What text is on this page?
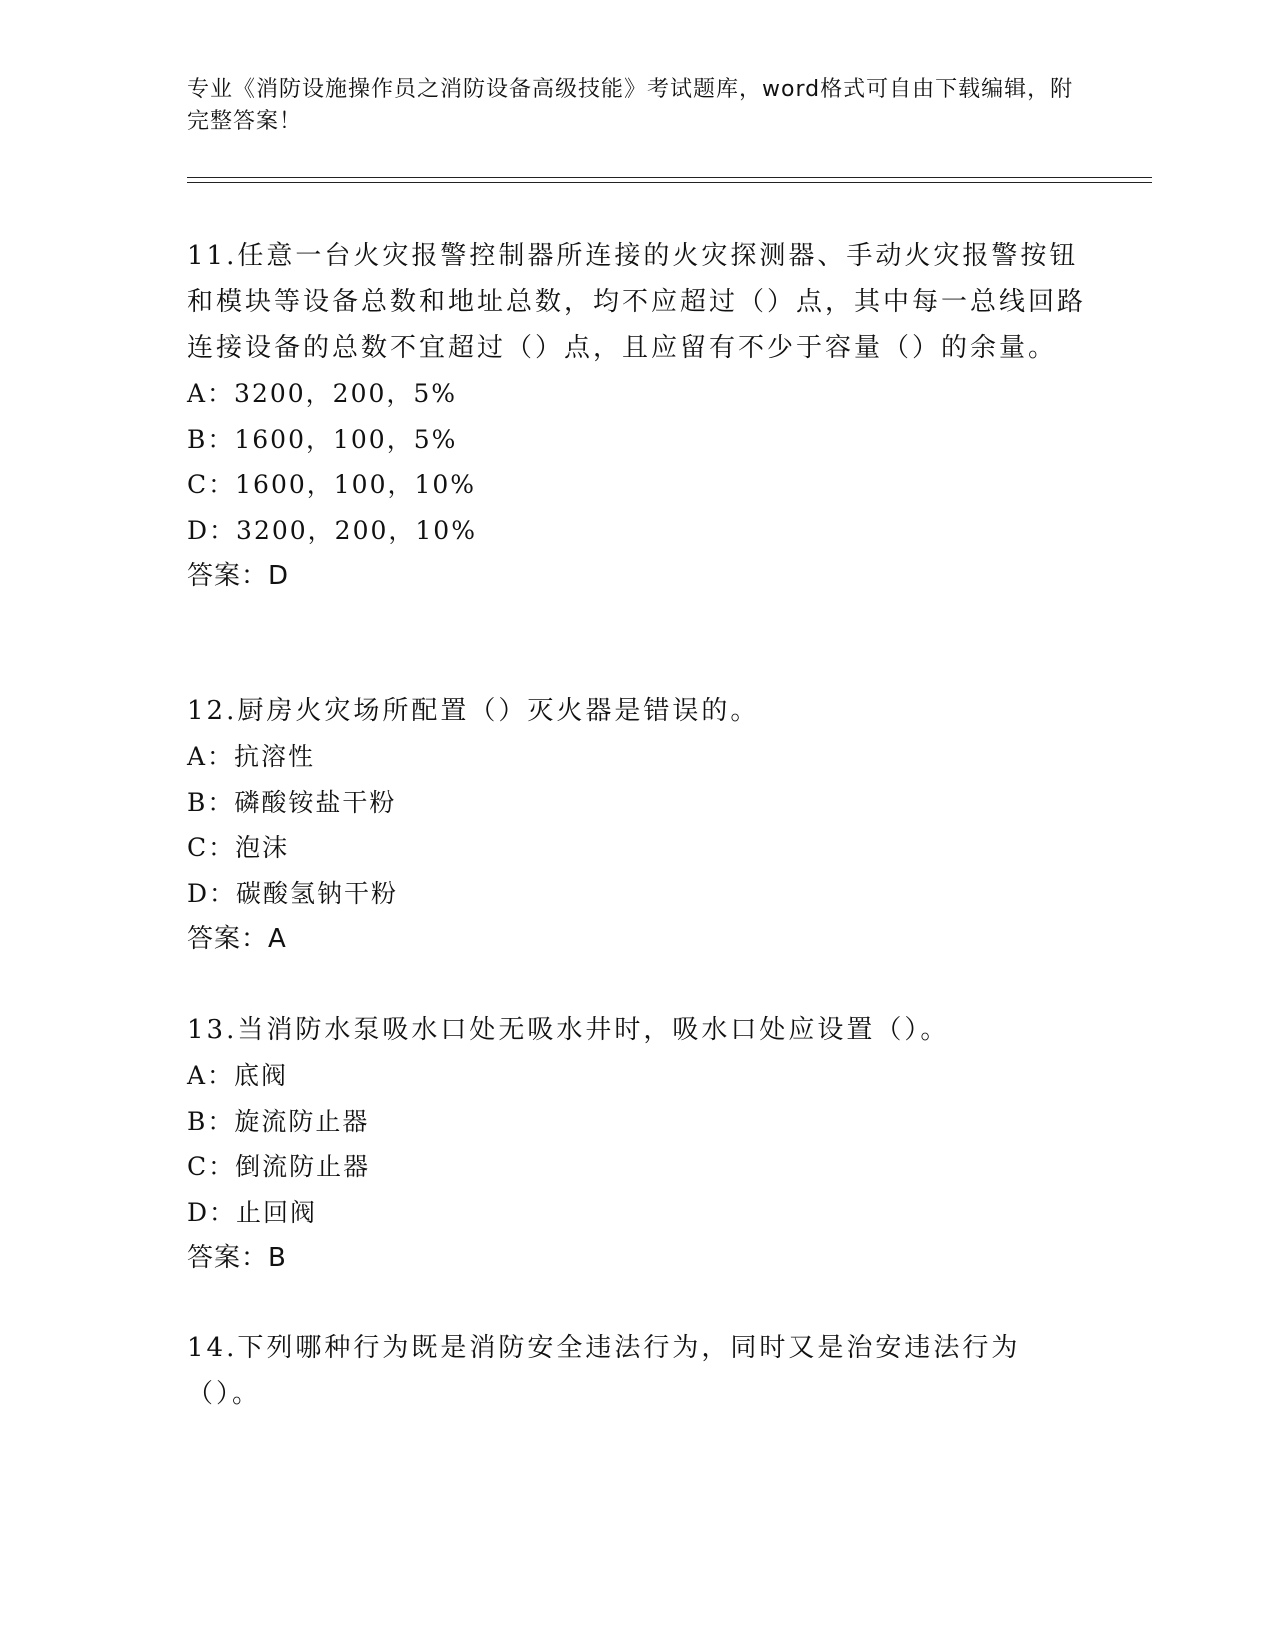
专业《消防设施操作员之消防设备高级技能》考试题库，word格式可自由下载编辑，附完整答案！

11.任意一台火灾报警控制器所连接的火灾探测器、手动火灾报警按钮和模块等设备总数和地址总数，均不应超过（）点，其中每一总线回路连接设备的总数不宜超过（）点，且应留有不少于容量（）的余量。

A：3200，200，5%

B：1600，100，5%

C：1600，100，10%

D：3200，200，10%

答案：D

12.厨房火灾场所配置（）灭火器是错误的。

A：抗溶性

B：磷酸铵盐干粉

C：泡沫

D：碳酸氢钠干粉

答案：A

13.当消防水泵吸水口处无吸水井时，吸水口处应设置（）。

A：底阀

B：旋流防止器

C：倒流防止器

D：止回阀

答案：B

14.下列哪种行为既是消防安全违法行为，同时又是治安违法行为（）。
